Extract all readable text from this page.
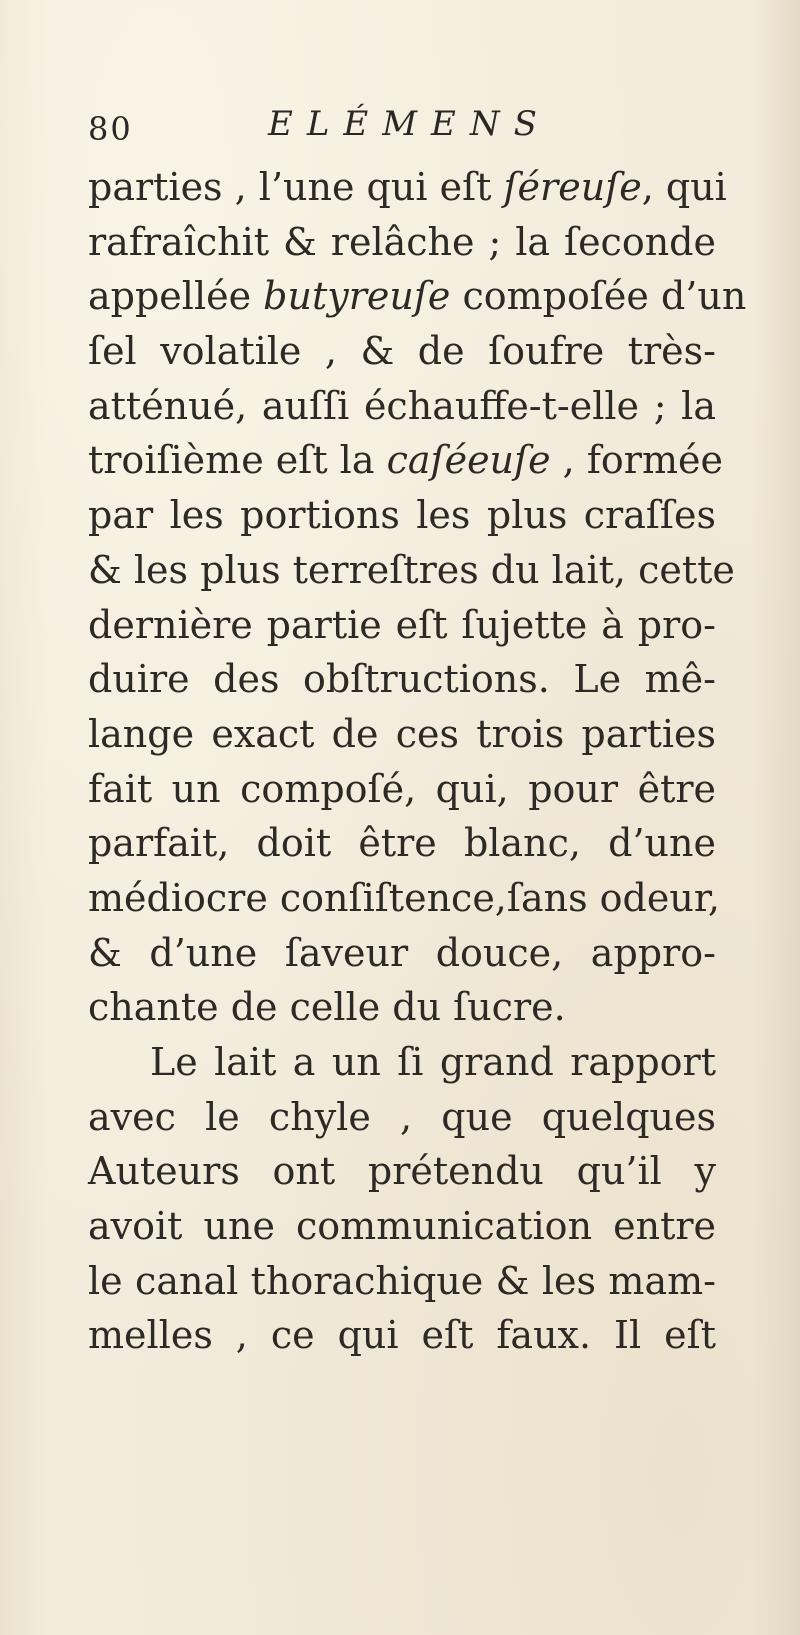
80	ELÉMENS
parties , l’une qui eſt ſéreuſe, qui
rafraîchit & relâche ; la ſeconde
appellée butyreuſe compoſée d’un
ſel volatile , & de ſoufre très-
atténué, auſſi échauffe-t-elle ; la
troiſième eſt la caſéeuſe , formée
par les portions les plus craſſes
& les plus terreſtres du lait, cette
dernière partie eſt ſujette à pro-
duire des obſtructions. Le mê-
lange exact de ces trois parties
fait un compoſé, qui, pour être
parfait, doit être blanc, d’une
médiocre conſiſtence,ſans odeur,
& d’une ſaveur douce, appro-
chante de celle du ſucre.
Le lait a un ſi grand rapport
avec le chyle , que quelques
Auteurs ont prétendu qu’il y
avoit une communication entre
le canal thorachique & les mam-
melles , ce qui eſt faux. Il eſt
